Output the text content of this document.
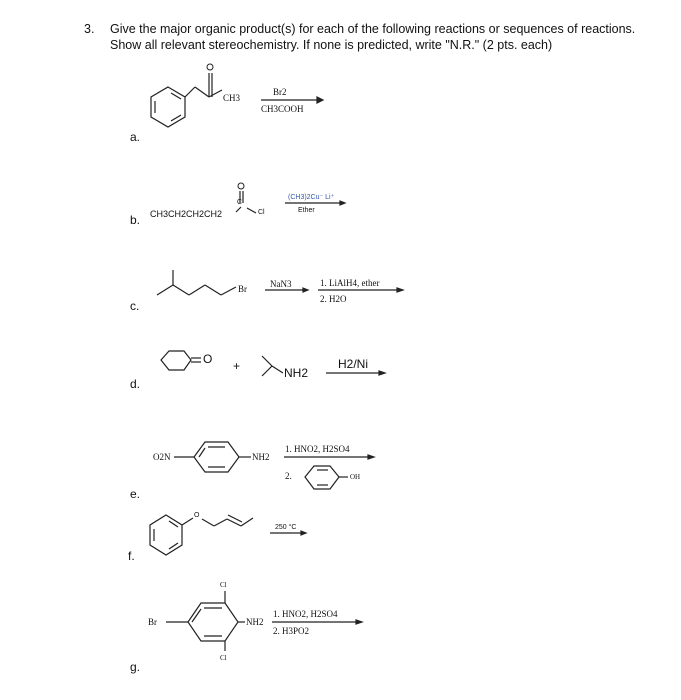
3. Give the major organic product(s) for each of the following reactions or sequences of reactions.
Show all relevant stereochemistry. If none is predicted, write "N.R." (2 pts. each)
a.
CH3
Br2
CH3COOH
b. CH3CH2CH2CH2
C
Cl
(CH3)2Cu⁻ Li⁺
Ether
c.
Br	NaN3	1. LiAlH4, ether
2. H2O
d.
O +	NH2
H2/Ni
e.
O2N	NH2
1. HNO2, H2SO4
2.	OH
f.
O
250 °C
g.
Cl
Cl
Br	NH2
1. HNO2, H2SO4
2. H3PO2
